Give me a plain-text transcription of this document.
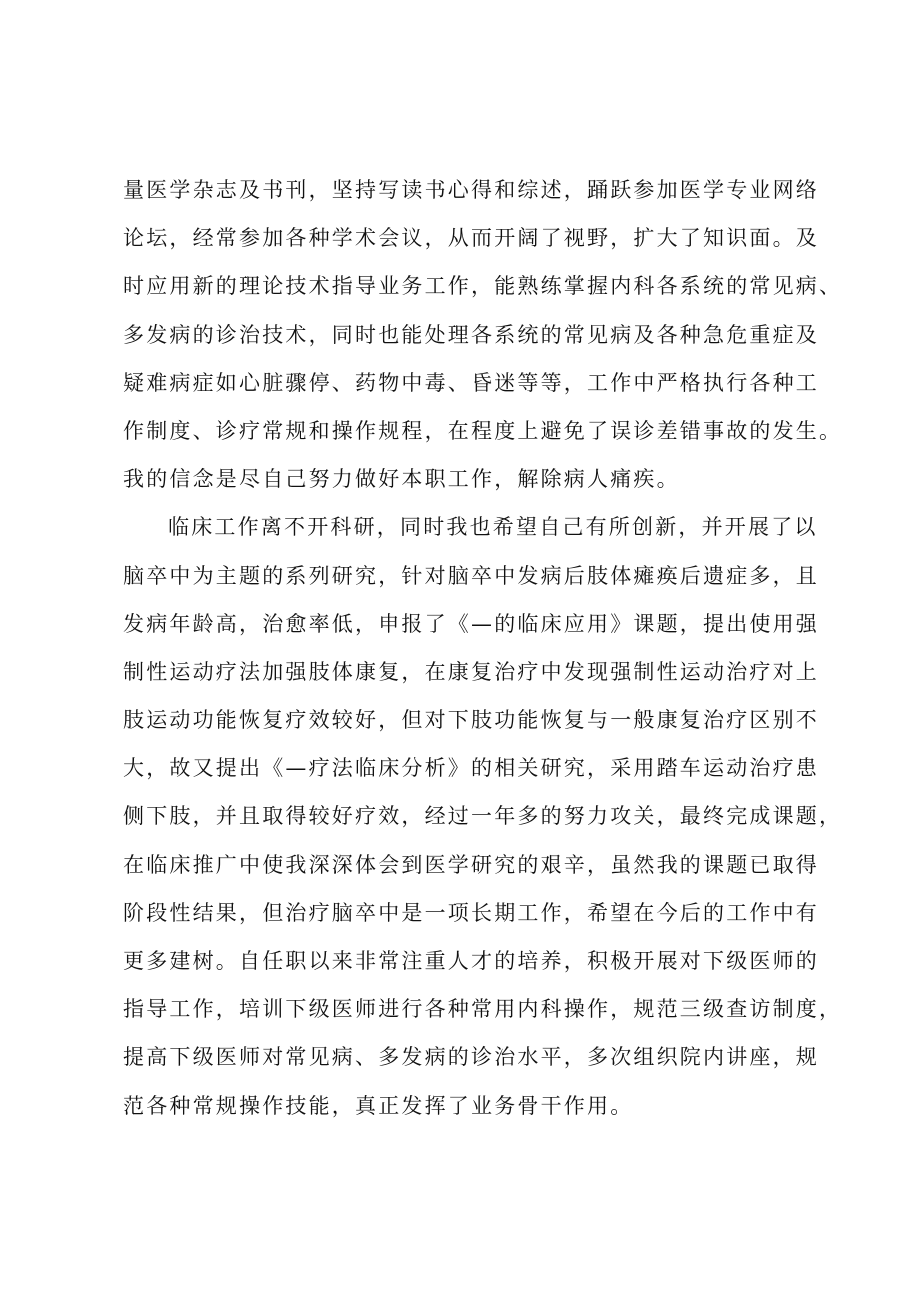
量医学杂志及书刊，坚持写读书心得和综述，踊跃参加医学专业网络
论坛，经常参加各种学术会议，从而开阔了视野，扩大了知识面。及
时应用新的理论技术指导业务工作，能熟练掌握内科各系统的常见病、
多发病的诊治技术，同时也能处理各系统的常见病及各种急危重症及
疑难病症如心脏骤停、药物中毒、昏迷等等，工作中严格执行各种工
作制度、诊疗常规和操作规程，在程度上避免了误诊差错事故的发生。
我的信念是尽自己努力做好本职工作，解除病人痛疾。
临床工作离不开科研，同时我也希望自己有所创新，并开展了以
脑卒中为主题的系列研究，针对脑卒中发病后肢体瘫痪后遗症多，且
发病年龄高，治愈率低，申报了《—的临床应用》课题，提出使用强
制性运动疗法加强肢体康复，在康复治疗中发现强制性运动治疗对上
肢运动功能恢复疗效较好，但对下肢功能恢复与一般康复治疗区别不
大，故又提出《—疗法临床分析》的相关研究，采用踏车运动治疗患
侧下肢，并且取得较好疗效，经过一年多的努力攻关，最终完成课题，
在临床推广中使我深深体会到医学研究的艰辛，虽然我的课题已取得
阶段性结果，但治疗脑卒中是一项长期工作，希望在今后的工作中有
更多建树。自任职以来非常注重人才的培养，积极开展对下级医师的
指导工作，培训下级医师进行各种常用内科操作，规范三级查访制度，
提高下级医师对常见病、多发病的诊治水平，多次组织院内讲座，规
范各种常规操作技能，真正发挥了业务骨干作用。
